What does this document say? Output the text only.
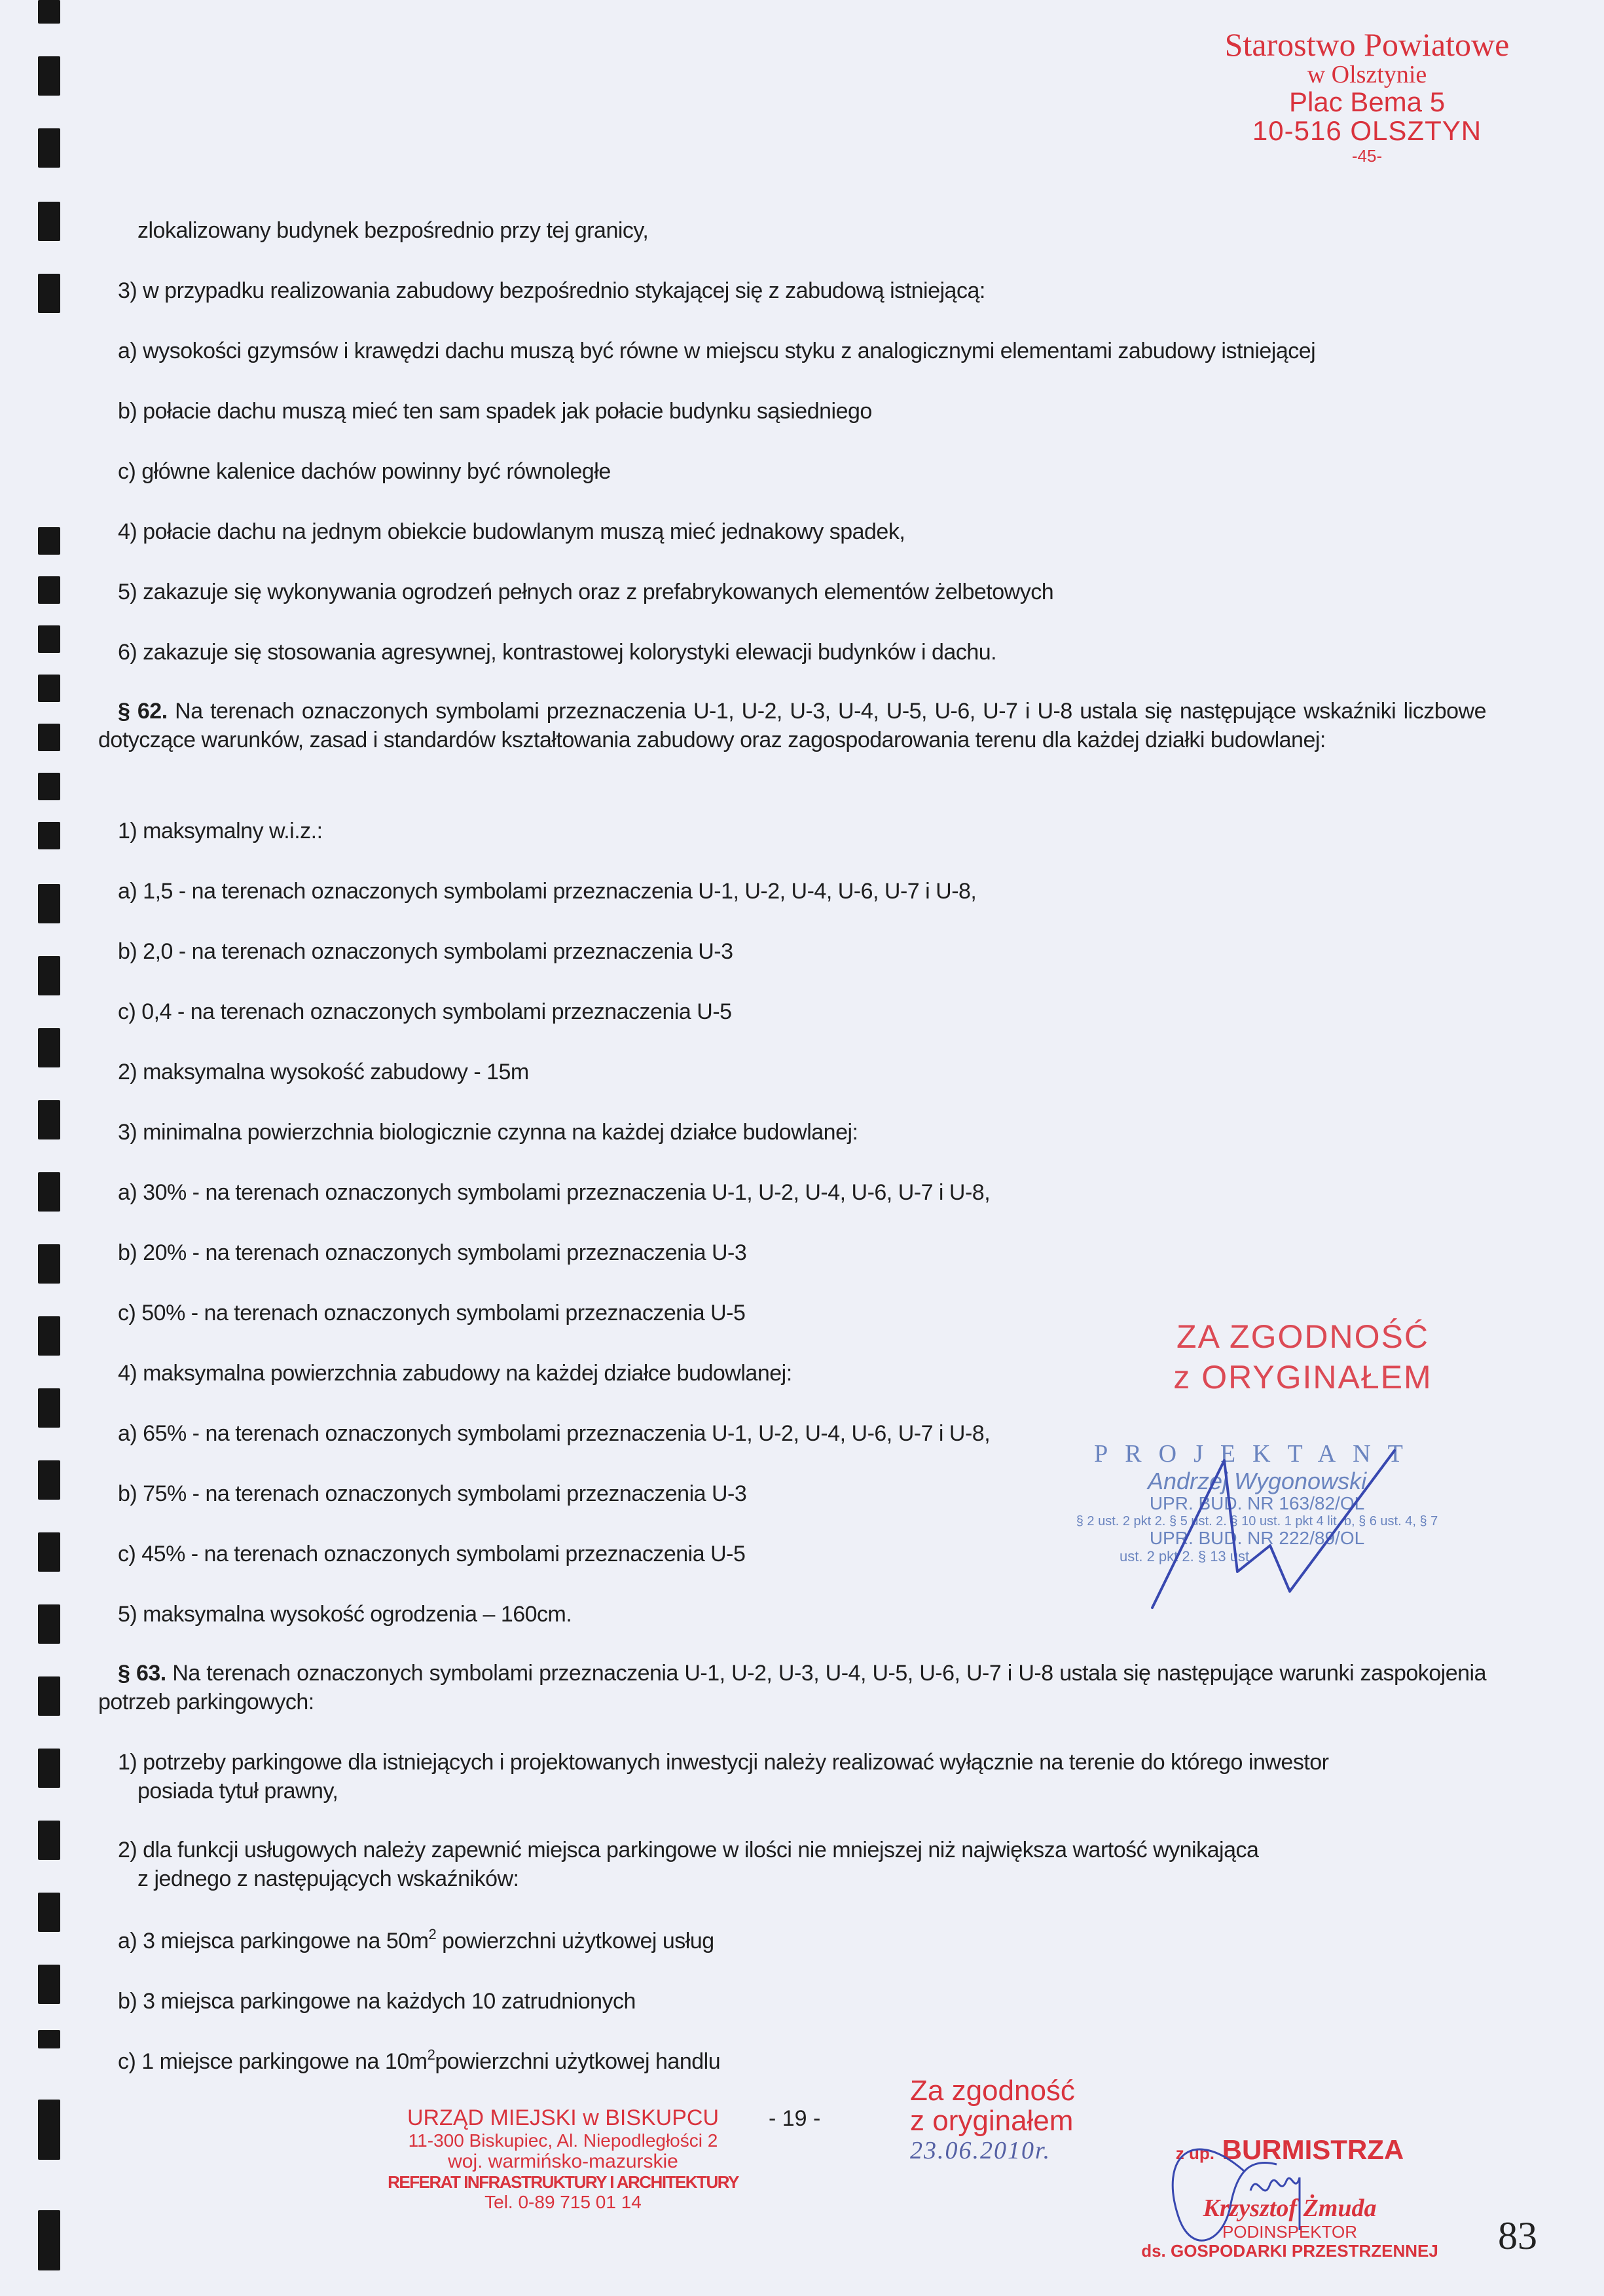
Starostwo Powiatowe
w Olsztynie
Plac Bema 5
10-516 OLSZTYN
-45-
zlokalizowany budynek bezpośrednio przy tej granicy,
3) w przypadku realizowania zabudowy bezpośrednio stykającej się z zabudową istniejącą:
a) wysokości gzymsów i krawędzi dachu muszą być równe w miejscu styku z analogicznymi elementami zabudowy istniejącej
b) połacie dachu muszą mieć ten sam spadek jak połacie budynku sąsiedniego
c) główne kalenice dachów powinny być równoległe
4) połacie dachu na jednym obiekcie budowlanym muszą mieć jednakowy spadek,
5) zakazuje się wykonywania ogrodzeń pełnych oraz z prefabrykowanych elementów żelbetowych
6) zakazuje się stosowania agresywnej, kontrastowej kolorystyki elewacji budynków i dachu.
§ 62. Na terenach oznaczonych symbolami przeznaczenia U-1, U-2, U-3, U-4, U-5, U-6, U-7 i U-8 ustala się następujące wskaźniki liczbowe dotyczące warunków, zasad i standardów kształtowania zabudowy oraz zagospodarowania terenu dla każdej działki budowlanej:
1) maksymalny w.i.z.:
a) 1,5 - na terenach oznaczonych symbolami przeznaczenia U-1, U-2, U-4, U-6, U-7 i U-8,
b) 2,0 - na terenach oznaczonych symbolami przeznaczenia U-3
c) 0,4 - na terenach oznaczonych symbolami przeznaczenia U-5
2) maksymalna wysokość zabudowy - 15m
3) minimalna powierzchnia biologicznie czynna na każdej działce budowlanej:
a) 30% - na terenach oznaczonych symbolami przeznaczenia U-1, U-2, U-4, U-6, U-7 i U-8,
b) 20% - na terenach oznaczonych symbolami przeznaczenia U-3
c) 50% - na terenach oznaczonych symbolami przeznaczenia U-5
4) maksymalna powierzchnia zabudowy na każdej działce budowlanej:
a) 65% - na terenach oznaczonych symbolami przeznaczenia U-1, U-2, U-4, U-6, U-7 i U-8,
b) 75% - na terenach oznaczonych symbolami przeznaczenia U-3
c) 45% - na terenach oznaczonych symbolami przeznaczenia U-5
5) maksymalna wysokość ogrodzenia – 160cm.
§ 63. Na terenach oznaczonych symbolami przeznaczenia U-1, U-2, U-3, U-4, U-5, U-6, U-7 i U-8 ustala się następujące warunki zaspokojenia potrzeb parkingowych:
1) potrzeby parkingowe dla istniejących i projektowanych inwestycji należy realizować wyłącznie na terenie do którego inwestor
posiada tytuł prawny,
2) dla funkcji usługowych należy zapewnić miejsca parkingowe w ilości nie mniejszej niż największa wartość wynikająca
z jednego z następujących wskaźników:
a) 3 miejsca parkingowe na $50m^2$ powierzchni użytkowej usług
b) 3 miejsca parkingowe na każdych 10 zatrudnionych
c) 1 miejsce parkingowe na $10m^2powierzchni$ użytkowej handlu
ZA ZGODNOŚĆ
z ORYGINAŁEM
PROJEKTANT
Andrzej Wygonowski
UPR. BUD. NR 163/82/OL
§ 2 ust. 2 pkt 2. § 5 ust. 2. § 10 ust. 1 pkt 4 lit. b, § 6 ust. 4, § 7
UPR. BUD. NR 222/89/OL
ust. 2 pkt 2. § 13 ust.
URZĄD MIEJSKI w BISKUPCU
11-300 Biskupiec, Al. Niepodległości 2
woj. warmińsko-mazurskie
REFERAT INFRASTRUKTURY I ARCHITEKTURY
Tel. 0-89 715 01 14
- 19 -
Za zgodność
z oryginałem
23.06.2010r.	z up. BURMISTRZA
Krzysztof Żmuda
PODINSPEKTOR
ds. GOSPODARKI PRZESTRZENNEJ	83
